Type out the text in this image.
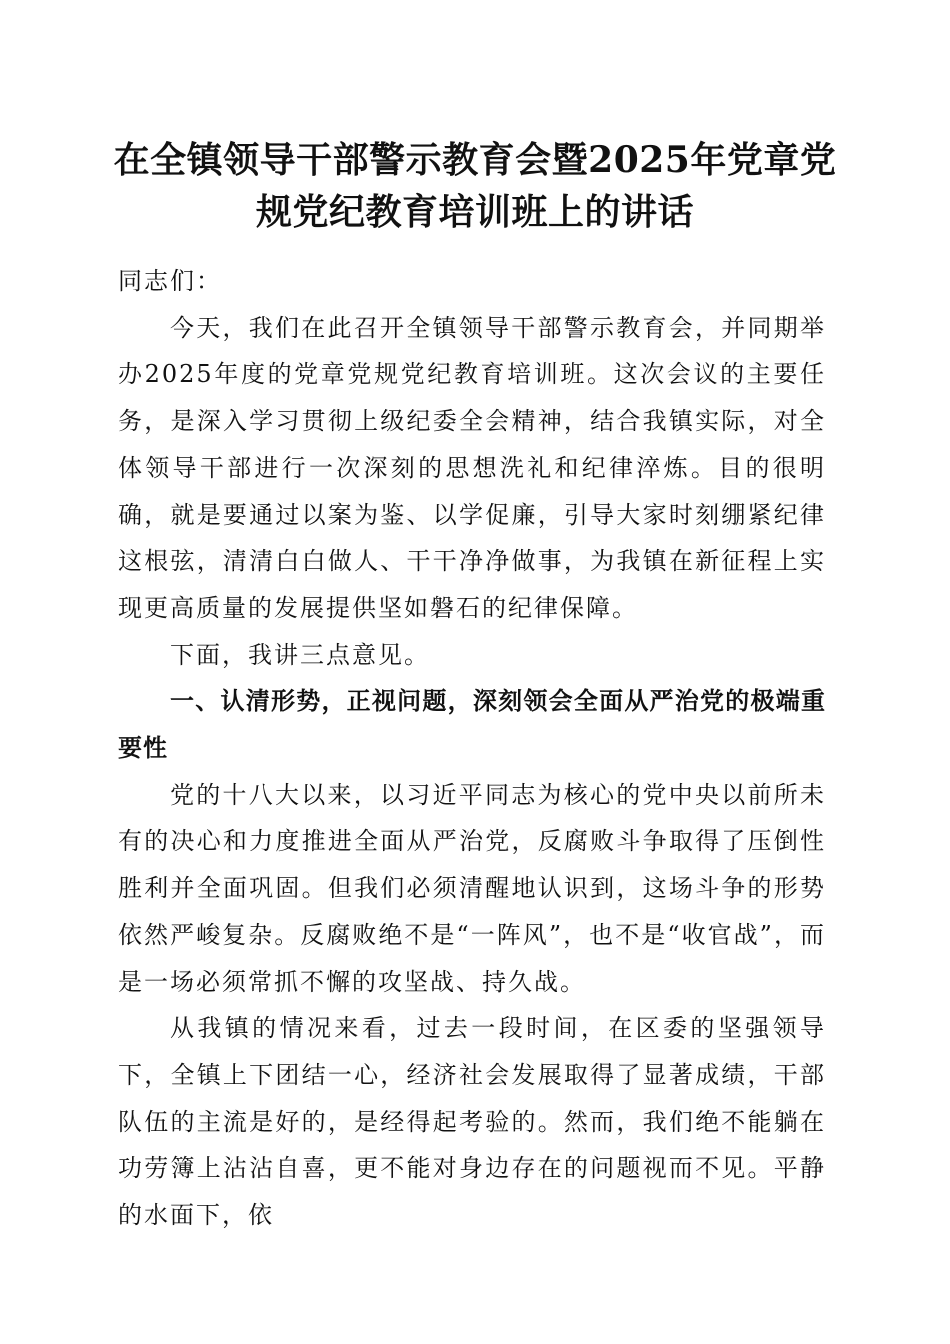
在全镇领导干部警示教育会暨2025年党章党
规党纪教育培训班上的讲话

同志们：

今天，我们在此召开全镇领导干部警示教育会，并同期举办2025年度的党章党规党纪教育培训班。这次会议的主要任务，是深入学习贯彻上级纪委全会精神，结合我镇实际，对全体领导干部进行一次深刻的思想洗礼和纪律淬炼。目的很明确，就是要通过以案为鉴、以学促廉，引导大家时刻绷紧纪律这根弦，清清白白做人、干干净净做事，为我镇在新征程上实现更高质量的发展提供坚如磐石的纪律保障。

下面，我讲三点意见。

一、认清形势，正视问题，深刻领会全面从严治党的极端重要性

党的十八大以来，以习近平同志为核心的党中央以前所未有的决心和力度推进全面从严治党，反腐败斗争取得了压倒性胜利并全面巩固。但我们必须清醒地认识到，这场斗争的形势依然严峻复杂。反腐败绝不是“一阵风”，也不是“收官战”，而是一场必须常抓不懈的攻坚战、持久战。

从我镇的情况来看，过去一段时间，在区委的坚强领导下，全镇上下团结一心，经济社会发展取得了显著成绩，干部队伍的主流是好的，是经得起考验的。然而，我们绝不能躺在功劳簿上沾沾自喜，更不能对身边存在的问题视而不见。平静的水面下，依
